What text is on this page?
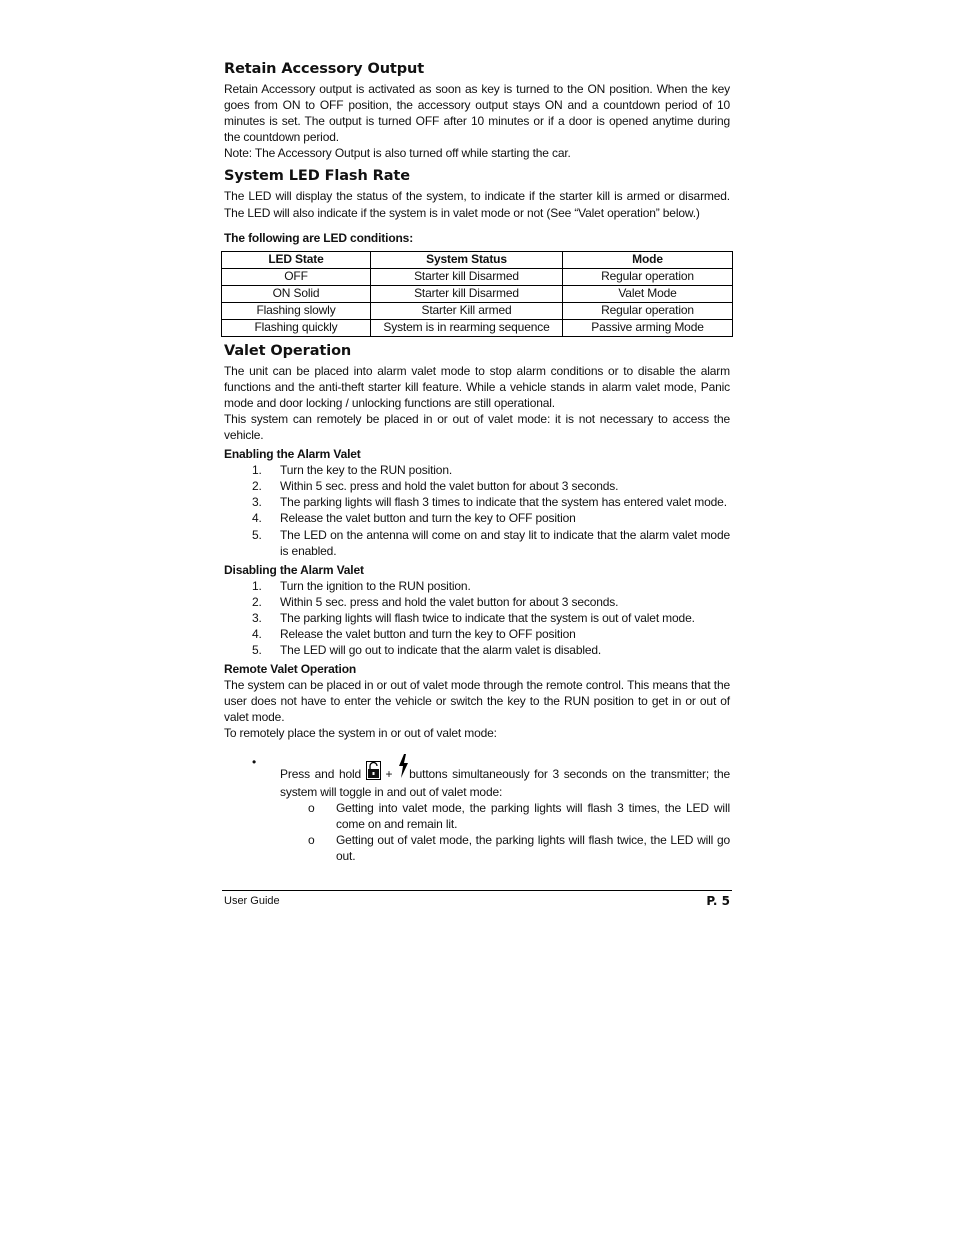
Retain Accessory Output

Retain Accessory output is activated as soon as key is turned to the ON position. When the key goes from ON to OFF position, the accessory output stays ON and a countdown period of 10 minutes is set. The output is turned OFF after 10 minutes or if a door is opened anytime during the countdown period.

Note: The Accessory Output is also turned off while starting the car.

System LED Flash Rate

The LED will display the status of the system, to indicate if the starter kill is armed or disarmed. The LED will also indicate if the system is in valet mode or not (See “Valet operation” below.)

The following are LED conditions:

LED State	System Status	Mode
OFF	Starter kill Disarmed	Regular operation
ON Solid	Starter kill Disarmed	Valet Mode
Flashing slowly	Starter Kill armed	Regular operation
Flashing quickly	System is in rearming sequence	Passive arming Mode
Valet Operation

The unit can be placed into alarm valet mode to stop alarm conditions or to disable the alarm functions and the anti-theft starter kill feature. While a vehicle stands in alarm valet mode, Panic mode and door locking / unlocking functions are still operational.

This system can remotely be placed in or out of valet mode: it is not necessary to access the vehicle.

Enabling the Alarm Valet

1. Turn the key to the RUN position.
2. Within 5 sec. press and hold the valet button for about 3 seconds.
3. The parking lights will flash 3 times to indicate that the system has entered valet mode.
4. Release the valet button and turn the key to OFF position
5. The LED on the antenna will come on and stay lit to indicate that the alarm valet mode is enabled.

Disabling the Alarm Valet

1. Turn the ignition to the RUN position.
2. Within 5 sec. press and hold the valet button for about 3 seconds.
3. The parking lights will flash twice to indicate that the system is out of valet mode.
4. Release the valet button and turn the key to OFF position
5. The LED will go out to indicate that the alarm valet is disabled.

Remote Valet Operation

The system can be placed in or out of valet mode through the remote control. This means that the user does not have to enter the vehicle or switch the key to the RUN position to get in or out of valet mode.

To remotely place the system in or out of valet mode:

•
Press and hold + buttons simultaneously for 3 seconds on the transmitter; the system will toggle in and out of valet mode:
o Getting into valet mode, the parking lights will flash 3 times, the LED will come on and remain lit.
o Getting out of valet mode, the parking lights will flash twice, the LED will go out.
User Guide	P. 5
